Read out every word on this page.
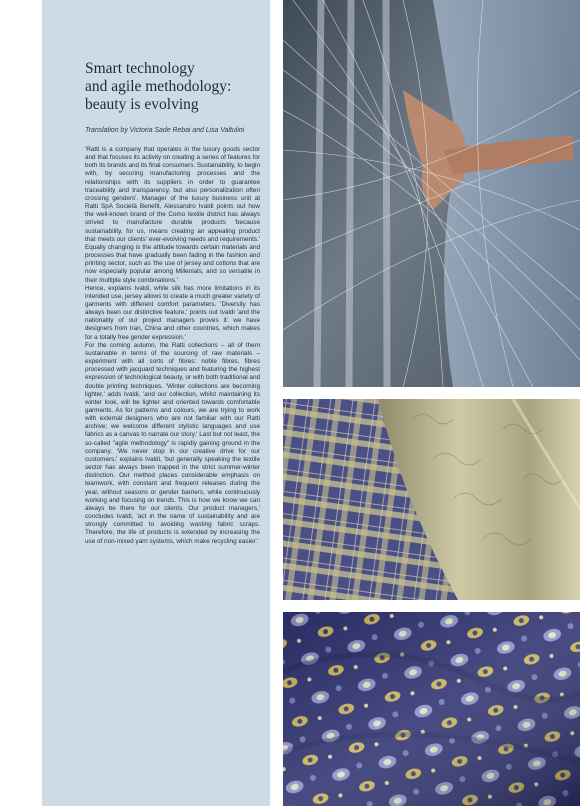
Smart technology
and agile methodology:
beauty is evolving

Translation by Victoria Sade Rebai and Lisa Valtulini

'Ratti is a company that operates in the luxury goods sector and that focuses its activity on creating a series of features for both its brands and its final consumers. Sustainability, to begin with, by securing manufacturing processes and the relationships with its suppliers in order to guarantee traceability and transparency, but also personalization often crossing genders'. Manager of the luxury business unit at Ratti SpA Società Benefit, Alessandro Ivaldi points out how the well-known brand of the Como textile district has always strived to manufacture durable products 'because sustainability, for us, means creating an appealing product that meets our clients' ever-evolving needs and requirements.' Equally changing is the attitude towards certain materials and processes that have gradually been fading in the fashion and printing sector, such as 'the use of jersey and cottons that are now especially popular among Millenials, and so versatile in their multiple style combinations.'

Hence, explains Ivaldi, while silk has more limitations in its intended use, jersey allows to create a much greater variety of garments with different comfort parameters. 'Diversity has always been our distinctive feature,' points out Ivaldi 'and the nationality of our project managers proves it: we have designers from Iran, China and other countries, which makes for a totally free gender expression.'

For the coming autumn, the Ratti collections – all of them sustainable in terms of the sourcing of raw materials – experiment with all sorts of fibres: noble fibres, fibres processed with jacquard techniques and featuring the highest expression of technological beauty, or with both traditional and double printing techniques. 'Winter collections are becoming lighter,' adds Ivaldi, 'and our collection, whilst maintaining its winter look, will be lighter and oriented towards comfortable garments. As for patterns and colours, we are trying to work with external designers who are not familiar with our Ratti archive; we welcome different stylistic languages and use fabrics as a canvas to narrate our story.' Last but not least, the so-called "agile methodology" is rapidly gaining ground in the company. 'We never stop in our creative drive for our customers,' explains Ivaldi, 'but generally speaking the textile sector has always been trapped in the strict summer-winter distinction. Our method places considerable emphasis on teamwork, with constant and frequent releases during the year, without seasons or gender barriers, while continuously working and focusing on trends. This is how we know we can always be there for our clients. Our product managers,' concludes Ivaldi, 'act in the name of sustainability and are strongly committed to avoiding wasting fabric scraps. Therefore, the life of products is extended by increasing the use of non-mixed yarn systems, which make recycling easier.'
